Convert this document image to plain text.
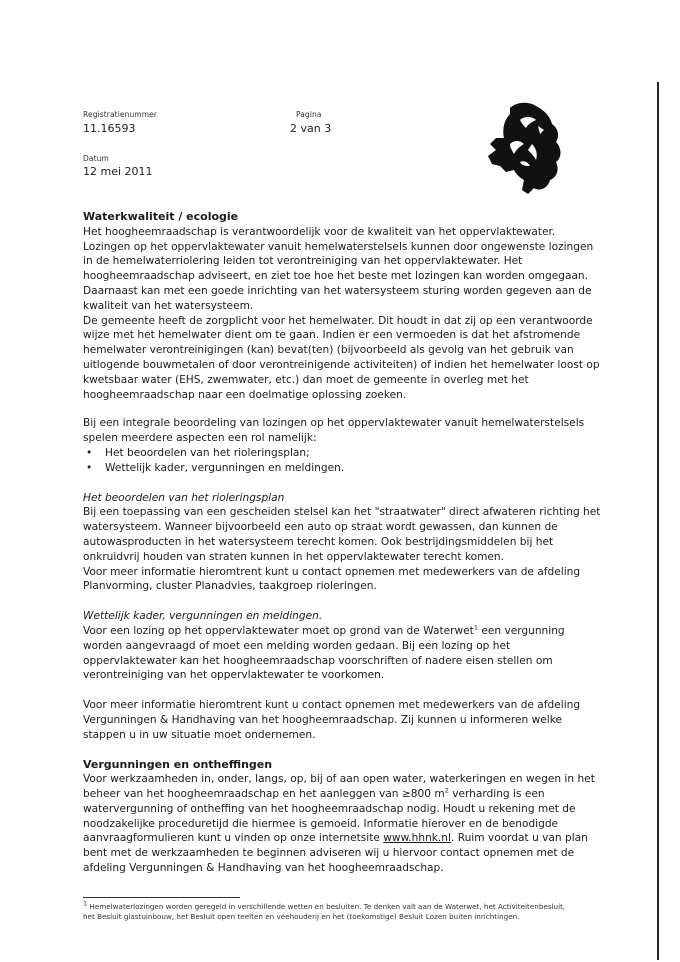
Registratienummer
11.16593
Pagina
2 van 3
Datum
12 mei 2011

Waterkwaliteit / ecologie

Het hoogheemraadschap is verantwoordelijk voor de kwaliteit van het oppervlaktewater. Lozingen op het oppervlaktewater vanuit hemelwaterstelsels kunnen door ongewenste lozingen in de hemelwaterriolering leiden tot verontreiniging van het oppervlaktewater. Het hoogheemraadschap adviseert, en ziet toe hoe het beste met lozingen kan worden omgegaan. Daarnaast kan met een goede inrichting van het watersysteem sturing worden gegeven aan de kwaliteit van het watersysteem.

De gemeente heeft de zorgplicht voor het hemelwater. Dit houdt in dat zij op een verantwoorde wijze met het hemelwater dient om te gaan. Indien er een vermoeden is dat het afstromende hemelwater verontreinigingen (kan) bevat(ten) (bijvoorbeeld als gevolg van het gebruik van uitlogende bouwmetalen of door verontreinigende activiteiten) of indien het hemelwater loost op kwetsbaar water (EHS, zwemwater, etc.) dan moet de gemeente in overleg met het hoogheemraadschap naar een doelmatige oplossing zoeken.

Bij een integrale beoordeling van lozingen op het oppervlaktewater vanuit hemelwaterstelsels spelen meerdere aspecten een rol namelijk:

• Het beoordelen van het rioleringsplan;
• Wettelijk kader, vergunningen en meldingen.

Het beoordelen van het rioleringsplan

Bij een toepassing van een gescheiden stelsel kan het "straatwater" direct afwateren richting het watersysteem. Wanneer bijvoorbeeld een auto op straat wordt gewassen, dan kunnen de autowasproducten in het watersysteem terecht komen. Ook bestrijdingsmiddelen bij het onkruidvrij houden van straten kunnen in het oppervlaktewater terecht komen.

Voor meer informatie hieromtrent kunt u contact opnemen met medewerkers van de afdeling Planvorming, cluster Planadvies, taakgroep rioleringen.

Wettelijk kader, vergunningen en meldingen.

Voor een lozing op het oppervlaktewater moet op grond van de Waterwet$^1$ een vergunning worden aangevraagd of moet een melding worden gedaan. Bij een lozing op het oppervlaktewater kan het hoogheemraadschap voorschriften of nadere eisen stellen om verontreiniging van het oppervlaktewater te voorkomen.

Voor meer informatie hieromtrent kunt u contact opnemen met medewerkers van de afdeling Vergunningen & Handhaving van het hoogheemraadschap. Zij kunnen u informeren welke stappen u in uw situatie moet ondernemen.

Vergunningen en ontheffingen

Voor werkzaamheden in, onder, langs, op, bij of aan open water, waterkeringen en wegen in het beheer van het hoogheemraadschap en het aanleggen van ≥800 $m^2$ verharding is een watervergunning of ontheffing van het hoogheemraadschap nodig. Houdt u rekening met de noodzakelijke proceduretijd die hiermee is gemoeid. Informatie hierover en de benodigde aanvraagformulieren kunt u vinden op onze internetsite www.hhnk.nl. Ruim voordat u van plan bent met de werkzaamheden te beginnen adviseren wij u hiervoor contact opnemen met de afdeling Vergunningen & Handhaving van het hoogheemraadschap.

$^1$ Hemelwaterlozingen worden geregeld in verschillende wetten en besluiten. Te denken valt aan de Waterwet, het Activiteitenbesluit, het Besluit glastuinbouw, het Besluit open teelten en veehouderij en het (toekomstige) Besluit Lozen buiten inrichtingen.
